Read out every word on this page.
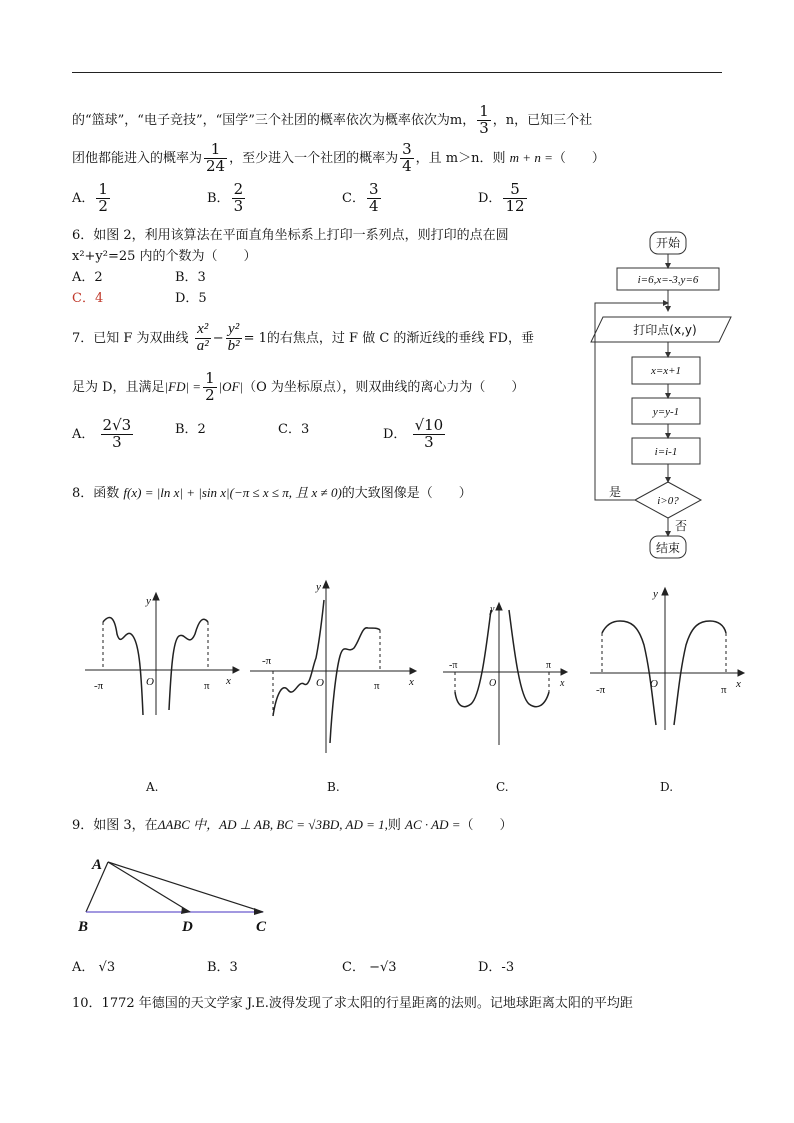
的“篮球”，“电子竞技”，“国学”三个社团的概率依次为概率依次为m， $\frac{1}{3}$ ，n，已知三个社
团他都能进入的概率为 $\frac{1}{24}$ ，至少进入一个社团的概率为 $\frac{3}{4}$ ，且 m＞n．则 m + n =（　　）
A． $\frac{1}{2}$	B． $\frac{2}{3}$	C． $\frac{3}{4}$	D． $\frac{5}{12}$
6．如图 2，利用该算法在平面直角坐标系上打印一系列点，则打印的点在圆
x²+y²=25 内的个数为（　　）
A．2	B．3
C．4	D．5
开始
i=6,x=-3,y=6
打印点(x,y)
x=x+1
y=y-1
i=i-1
i>0?
是
否
结束
7．已知 F 为双曲线 $\frac{\text{x²}}{\text{a²}} - \frac{\text{y²}}{\text{b²}} = 1$的右焦点，过 F 做 C 的渐近线的垂线 FD，垂
足为 D，且满足$|FD| = \frac{1}{2} |OF|(O$ 为坐标原点），则双曲线的离心力为（　　）
A． $\frac{2√3}{3}$	B．2	C．3	D． $\frac{√10}{3}$
8．函数 f(x) = |ln x| + |sin x|(−π ≤ x ≤ π, 且 x ≠ 0)的大致图像是（　　）
y
x
O
-π	π
A.
y
x
O
-π
π
B.
y
x
O
-π	π
C.
y
x
O
-π	π
D.
9．如图 3，在ΔABC 中，AD ⊥ AB, BC = √3BD, AD = 1,则 AC · AD =（　　）
A
B	D	C
A． √3	B．3	C． −√3	D．-3
10．1772 年德国的天文学家 J.E.波得发现了求太阳的行星距离的法则。记地球距离太阳的平均距
